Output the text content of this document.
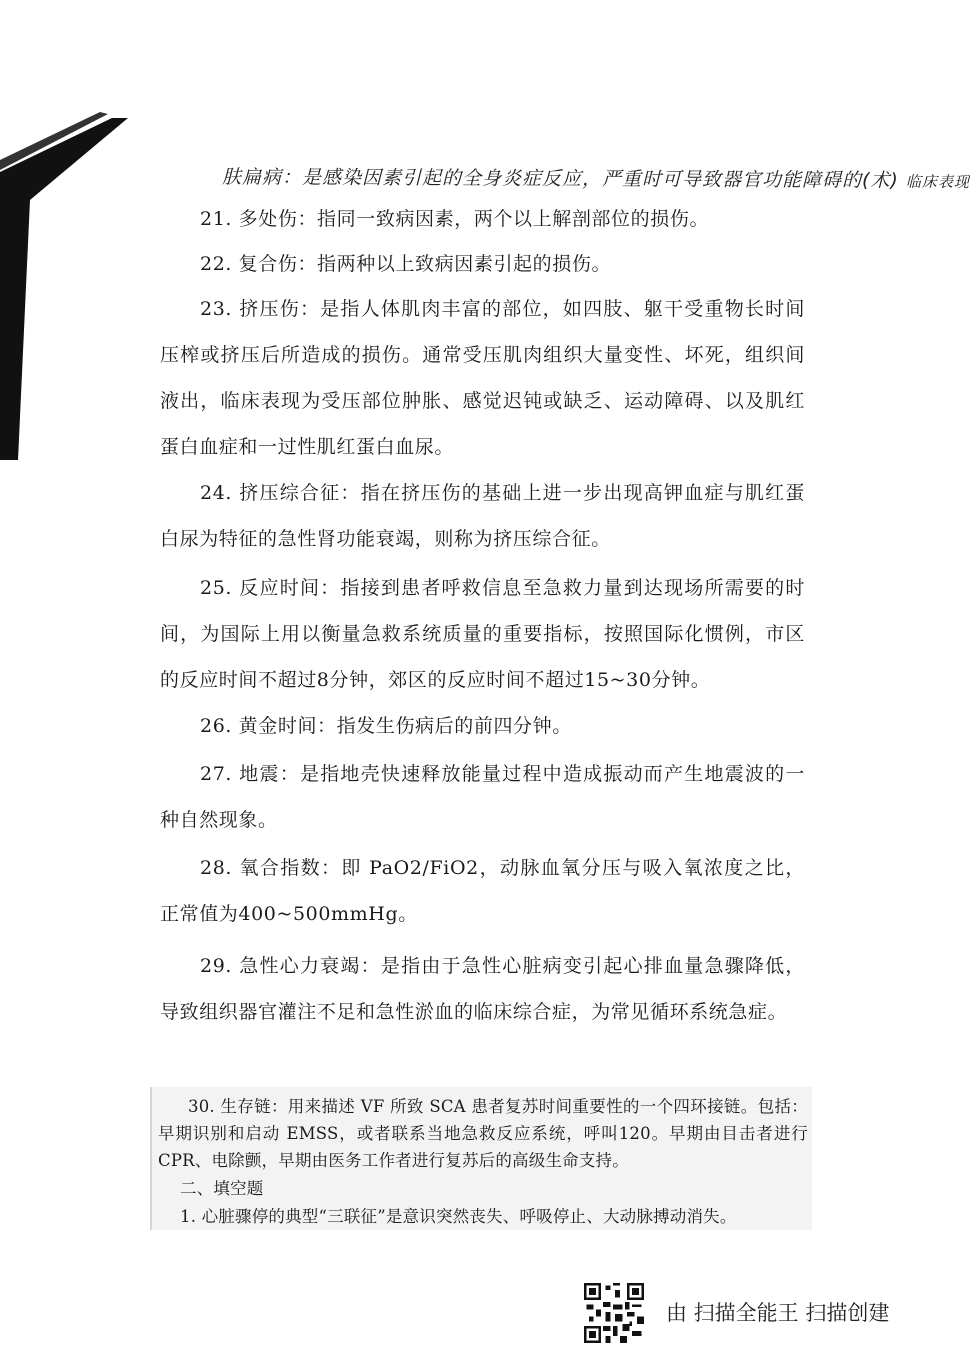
肤扁病：是感染因素引起的全身炎症反应，严重时可导致器官功能障碍的(术) 临床表现
21. 多处伤：指同一致病因素，两个以上解剖部位的损伤。
22. 复合伤：指两种以上致病因素引起的损伤。
23. 挤压伤：是指人体肌肉丰富的部位，如四肢、躯干受重物长时间压榨或挤压后所造成的损伤。通常受压肌肉组织大量变性、坏死，组织间液出，临床表现为受压部位肿胀、感觉迟钝或缺乏、运动障碍、以及肌红蛋白血症和一过性肌红蛋白血尿。
24. 挤压综合征：指在挤压伤的基础上进一步出现高钾血症与肌红蛋白尿为特征的急性肾功能衰竭，则称为挤压综合征。
25. 反应时间：指接到患者呼救信息至急救力量到达现场所需要的时间，为国际上用以衡量急救系统质量的重要指标，按照国际化惯例，市区的反应时间不超过8分钟，郊区的反应时间不超过15~30分钟。
26. 黄金时间：指发生伤病后的前四分钟。
27. 地震：是指地壳快速释放能量过程中造成振动而产生地震波的一种自然现象。
28. 氧合指数：即 PaO2/FiO2，动脉血氧分压与吸入氧浓度之比，正常值为400~500mmHg。
29. 急性心力衰竭：是指由于急性心脏病变引起心排血量急骤降低，导致组织器官灌注不足和急性淤血的临床综合症，为常见循环系统急症。
30. 生存链：用来描述 VF 所致 SCA 患者复苏时间重要性的一个四环接链。包括：早期识别和启动 EMSS，或者联系当地急救反应系统，呼叫120。早期由目击者进行 CPR、电除颤，早期由医务工作者进行复苏后的高级生命支持。
二、填空题
1. 心脏骤停的典型“三联征”是意识突然丧失、呼吸停止、大动脉搏动消失。
由 扫描全能王 扫描创建
